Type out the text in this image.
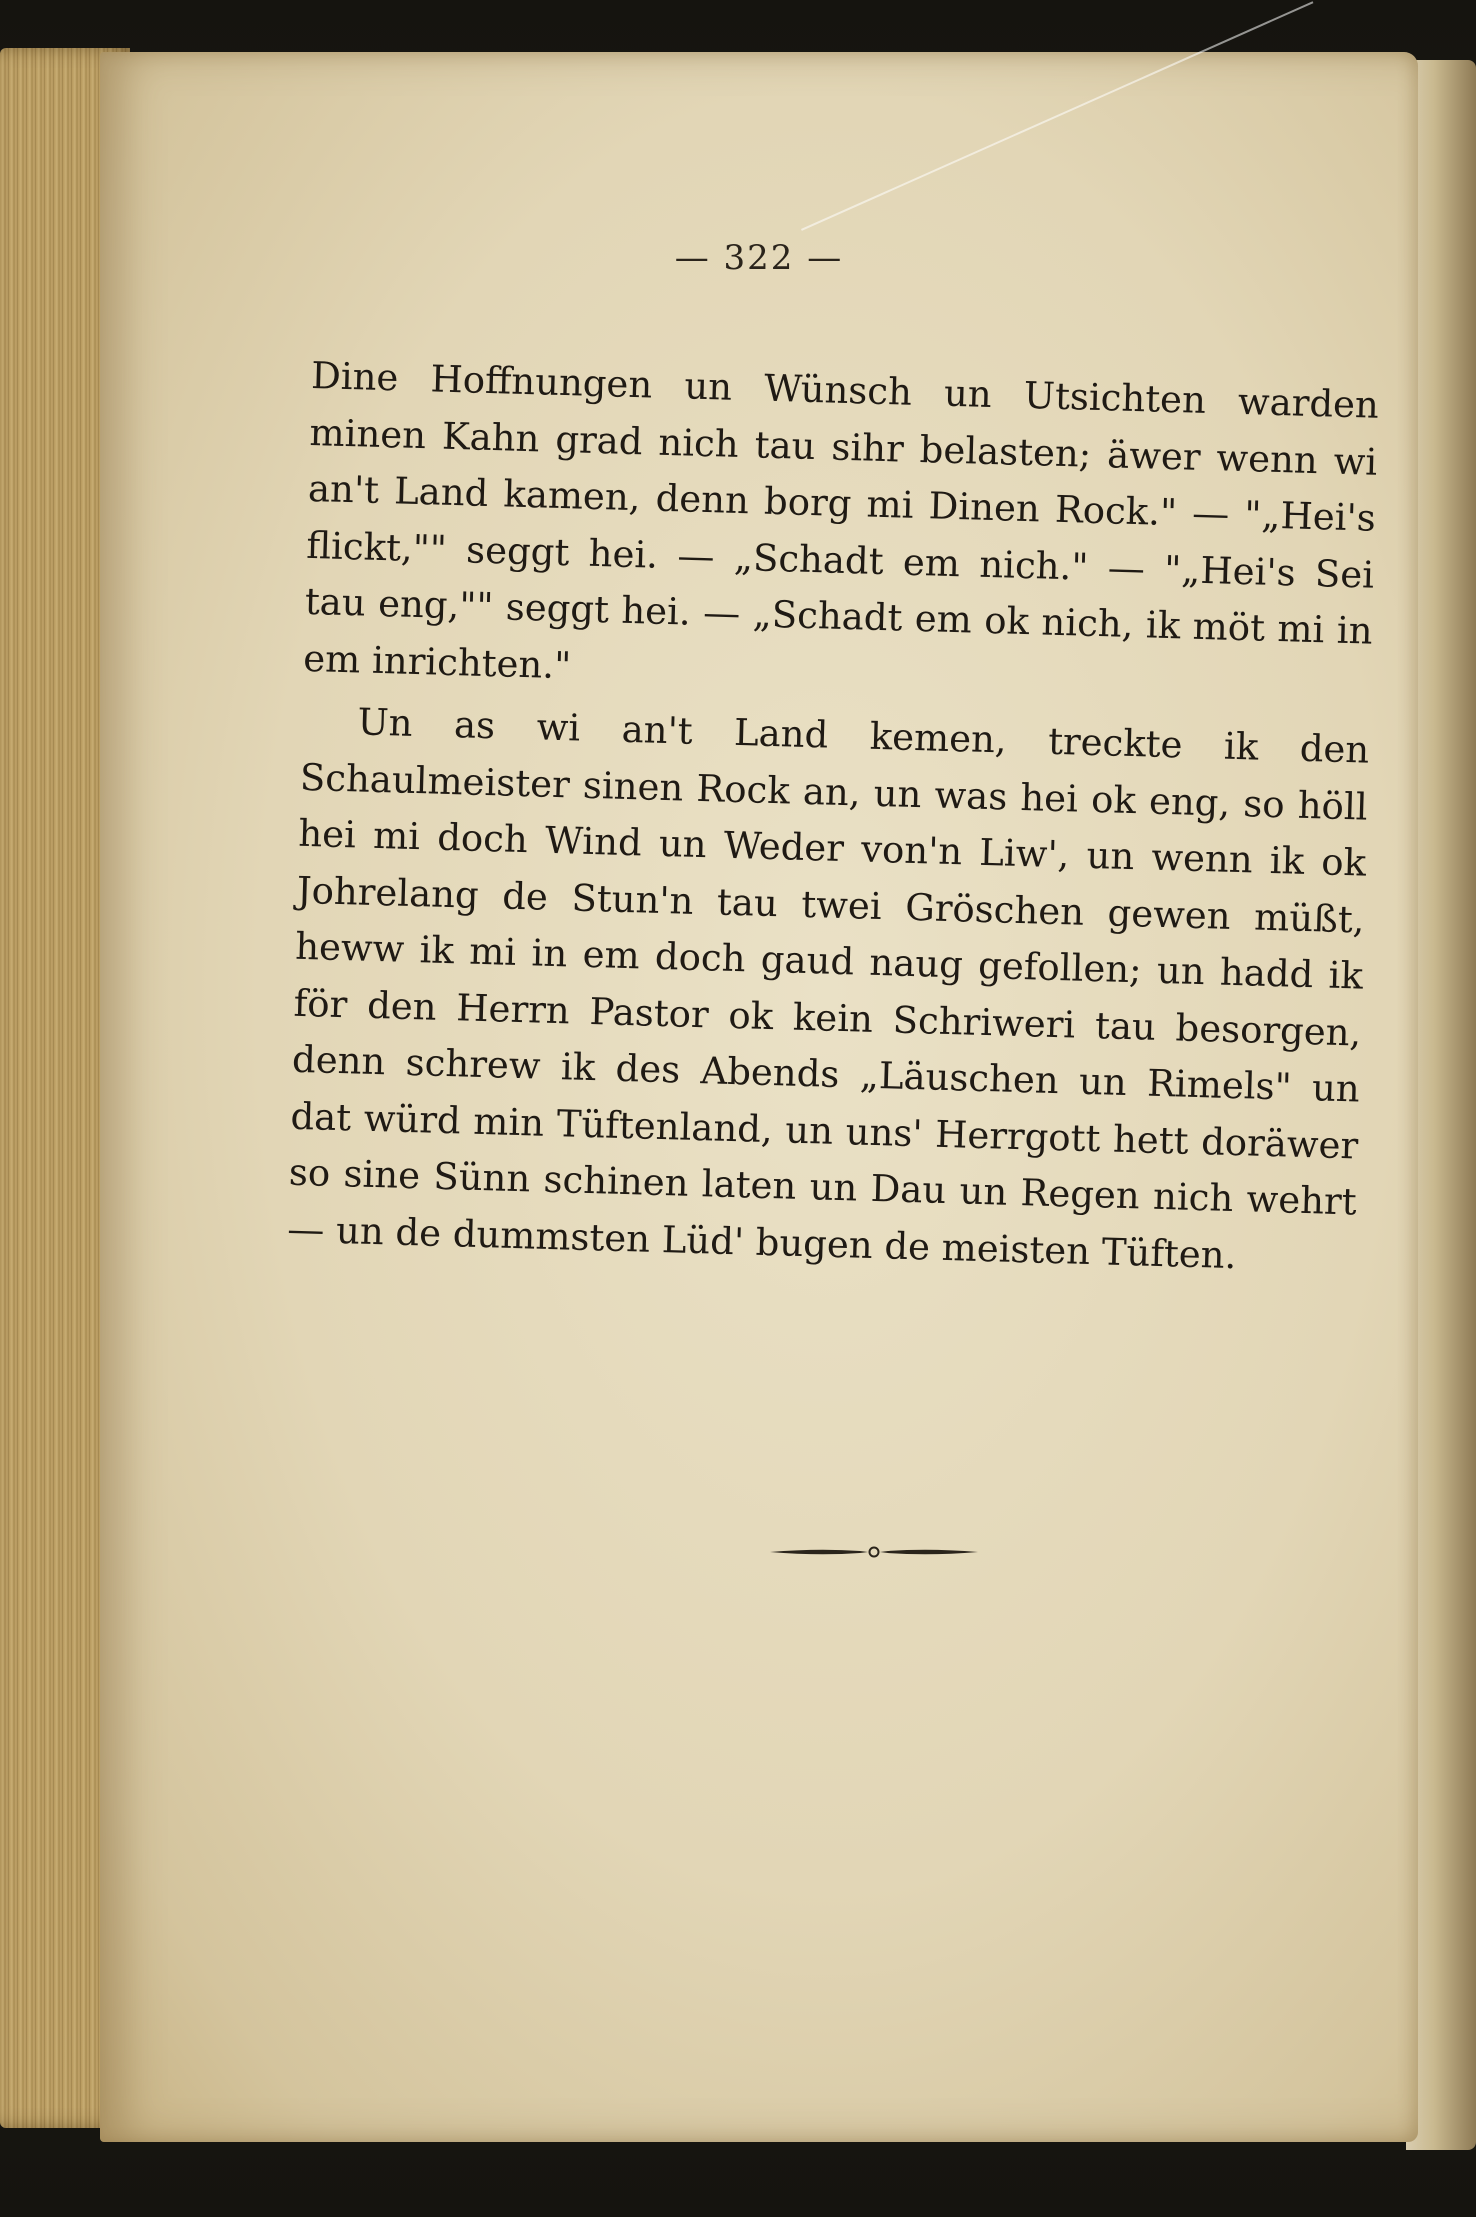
— 322 —

Dine Hoffnungen un Wünsch un Utsichten warden minen Kahn grad nich tau sihr belasten; äwer wenn wi an't Land kamen, denn borg mi Dinen Rock." — "„Hei's flickt,"" seggt hei. — „Schadt em nich." — "„Hei's Sei tau eng,"" seggt hei. — „Schadt em ok nich, ik möt mi in em inrichten."

Un as wi an't Land kemen, treckte ik den Schaulmeister sinen Rock an, un was hei ok eng, so höll hei mi doch Wind un Weder von'n Liw', un wenn ik ok Johrelang de Stun'n tau twei Gröschen gewen müßt, heww ik mi in em doch gaud naug gefollen; un hadd ik för den Herrn Pastor ok kein Schriweri tau besorgen, denn schrew ik des Abends „Läuschen un Rimels" un dat würd min Tüftenland, un uns' Herrgott hett doräwer so sine Sünn schinen laten un Dau un Regen nich wehrt — un de dummsten Lüd' bugen de meisten Tüften.
